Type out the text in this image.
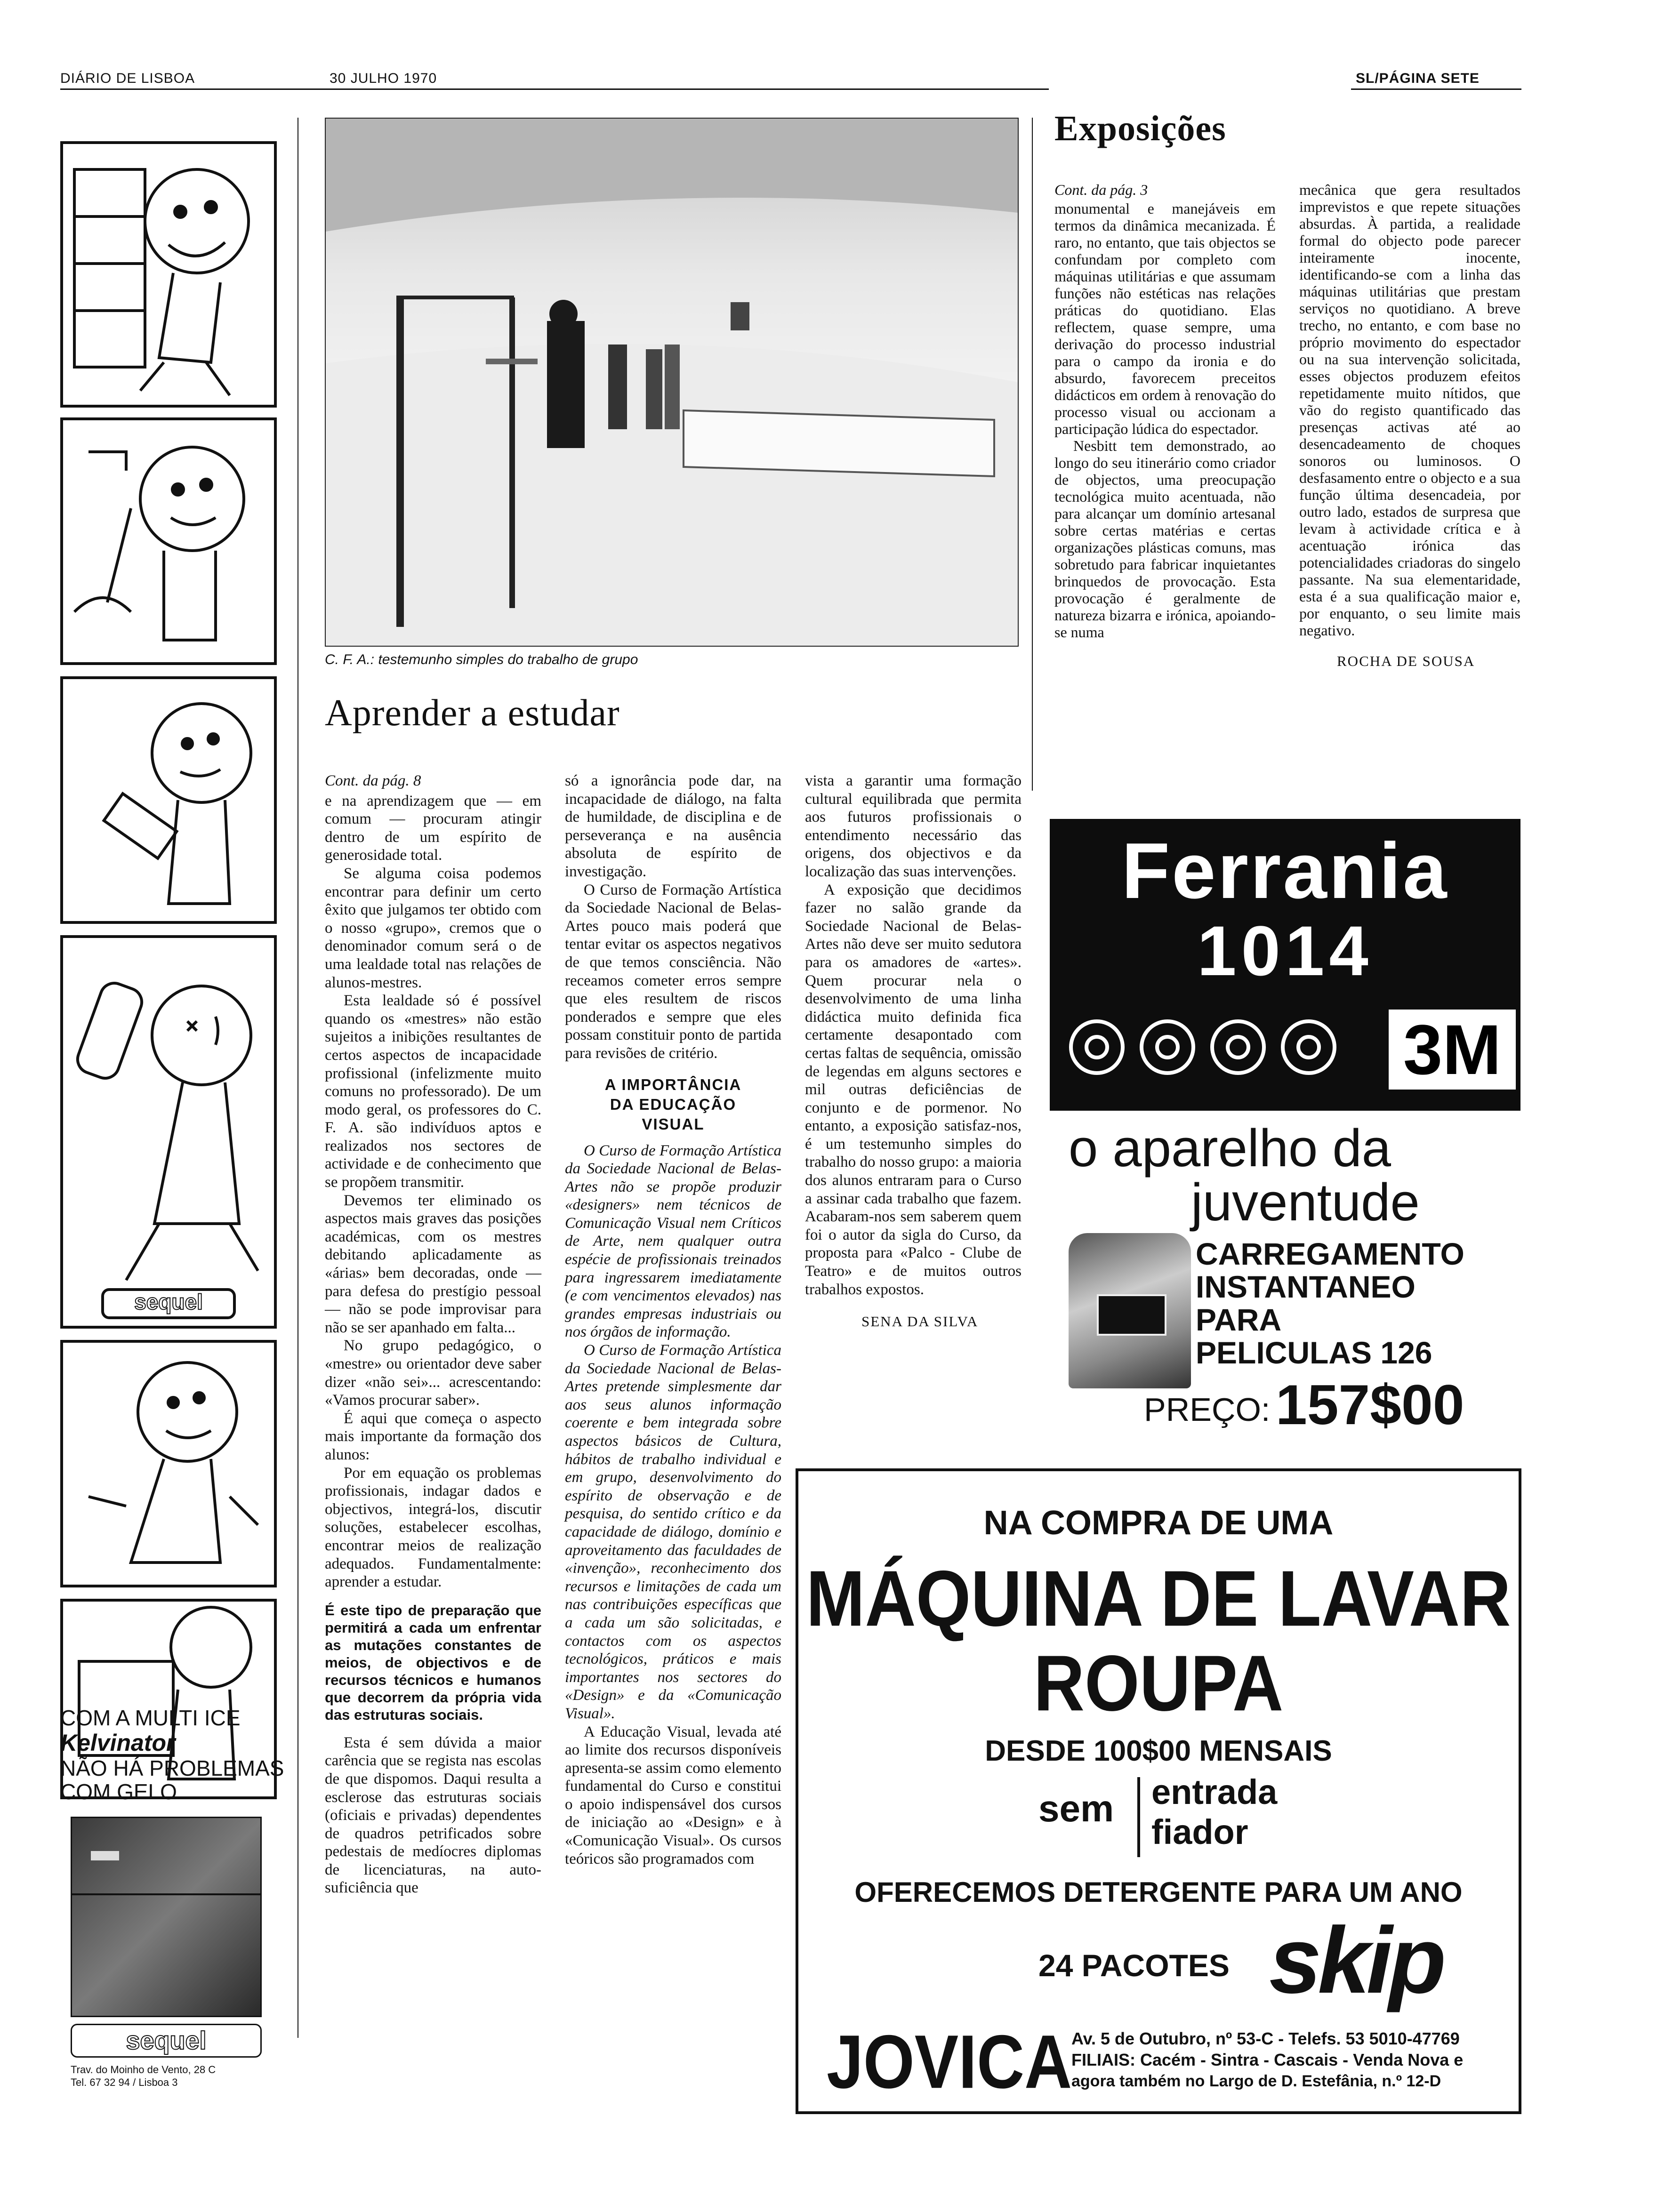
DIÁRIO DE LISBOA	30 JULHO 1970	SL/PÁGINA SETE
sequel
COM A MULTI ICE
Kelvinator
NÃO HÁ PROBLEMAS
COM GELO
sequel
Trav. do Moinho de Vento, 28 C
Tel. 67 32 94 / Lisboa 3
C. F. A.: testemunho simples do trabalho de grupo
Aprender a estudar

Cont. da pág. 8

e na aprendizagem que — em comum — procuram atingir dentro de um espírito de generosidade total.

Se alguma coisa podemos encontrar para definir um certo êxito que julgamos ter obtido com o nosso «grupo», cremos que o denominador comum será o de uma lealdade total nas relações de alunos-mestres.

Esta lealdade só é possível quando os «mestres» não estão sujeitos a inibições resultantes de certos aspectos de incapacidade profissional (infelizmente muito comuns no professorado). De um modo geral, os professores do C. F. A. são indivíduos aptos e realizados nos sectores de actividade e de conhecimento que se propõem transmitir.

Devemos ter eliminado os aspectos mais graves das posições académicas, com os mestres debitando aplicadamente as «árias» bem decoradas, onde — para defesa do prestígio pessoal — não se pode improvisar para não se ser apanhado em falta...

No grupo pedagógico, o «mestre» ou orientador deve saber dizer «não sei»... acrescentando: «Vamos procurar saber».

É aqui que começa o aspecto mais importante da formação dos alunos:

Por em equação os problemas profissionais, indagar dados e objectivos, integrá-los, discutir soluções, estabelecer escolhas, encontrar meios de realização adequados. Fundamentalmente: aprender a estudar.

É este tipo de preparação que permitirá a cada um enfrentar as mutações constantes de meios, de objectivos e de recursos técnicos e humanos que decorrem da própria vida das estruturas sociais.

Esta é sem dúvida a maior carência que se regista nas escolas de que dispomos. Daqui resulta a esclerose das estruturas sociais (oficiais e privadas) dependentes de quadros petrificados sobre pedestais de medíocres diplomas de licenciaturas, na auto-suficiência que

só a ignorância pode dar, na incapacidade de diálogo, na falta de humildade, de disciplina e de perseverança e na ausência absoluta de espírito de investigação.

O Curso de Formação Artística da Sociedade Nacional de Belas-Artes pouco mais poderá que tentar evitar os aspectos negativos de que temos consciência. Não receamos cometer erros sempre que eles resultem de riscos ponderados e sempre que eles possam constituir ponto de partida para revisões de critério.

A IMPORTÂNCIA
DA EDUCAÇÃO
VISUAL

O Curso de Formação Artística da Sociedade Nacional de Belas-Artes não se propõe produzir «designers» nem técnicos de Comunicação Visual nem Críticos de Arte, nem qualquer outra espécie de profissionais treinados para ingressarem imediatamente (e com vencimentos elevados) nas grandes empresas industriais ou nos órgãos de informação.

O Curso de Formação Artística da Sociedade Nacional de Belas-Artes pretende simplesmente dar aos seus alunos informação coerente e bem integrada sobre aspectos básicos de Cultura, hábitos de trabalho individual e em grupo, desenvolvimento do espírito de observação e de pesquisa, do sentido crítico e da capacidade de diálogo, domínio e aproveitamento das faculdades de «invenção», reconhecimento dos recursos e limitações de cada um nas contribuições específicas que a cada um são solicitadas, e contactos com os aspectos tecnológicos, práticos e mais importantes nos sectores do «Design» e da «Comunicação Visual».

A Educação Visual, levada até ao limite dos recursos disponíveis apresenta-se assim como elemento fundamental do Curso e constitui o apoio indispensável dos cursos de iniciação ao «Design» e à «Comunicação Visual». Os cursos teóricos são programados com

vista a garantir uma formação cultural equilibrada que permita aos futuros profissionais o entendimento necessário das origens, dos objectivos e da localização das suas intervenções.

A exposição que decidimos fazer no salão grande da Sociedade Nacional de Belas-Artes não deve ser muito sedutora para os amadores de «artes». Quem procurar nela o desenvolvimento de uma linha didáctica muito definida fica certamente desapontado com certas faltas de sequência, omissão de legendas em alguns sectores e mil outras deficiências de conjunto e de pormenor. No entanto, a exposição satisfaz-nos, é um testemunho simples do trabalho do nosso grupo: a maioria dos alunos entraram para o Curso a assinar cada trabalho que fazem. Acabaram-nos sem saberem quem foi o autor da sigla do Curso, da proposta para «Palco - Clube de Teatro» e de muitos outros trabalhos expostos.

SENA DA SILVA

Exposições

Cont. da pág. 3

monumental e manejáveis em termos da dinâmica mecanizada. É raro, no entanto, que tais objectos se confundam por completo com máquinas utilitárias e que assumam funções não estéticas nas relações práticas do quotidiano. Elas reflectem, quase sempre, uma derivação do processo industrial para o campo da ironia e do absurdo, favorecem preceitos didácticos em ordem à renovação do processo visual ou accionam a participação lúdica do espectador.

Nesbitt tem demonstrado, ao longo do seu itinerário como criador de objectos, uma preocupação tecnológica muito acentuada, não para alcançar um domínio artesanal sobre certas matérias e certas organizações plásticas comuns, mas sobretudo para fabricar inquietantes brinquedos de provocação. Esta provocação é geralmente de natureza bizarra e irónica, apoiando-se numa

mecânica que gera resultados imprevistos e que repete situações absurdas. À partida, a realidade formal do objecto pode parecer inteiramente inocente, identificando-se com a linha das máquinas utilitárias que prestam serviços no quotidiano. A breve trecho, no entanto, e com base no próprio movimento do espectador ou na sua intervenção solicitada, esses objectos produzem efeitos repetidamente muito nítidos, que vão do registo quantificado das presenças activas até ao desencadeamento de choques sonoros ou luminosos. O desfasamento entre o objecto e a sua função última desencadeia, por outro lado, estados de surpresa que levam à actividade crítica e à acentuação irónica das potencialidades criadoras do singelo passante. Na sua elementaridade, esta é a sua qualificação maior e, por enquanto, o seu limite mais negativo.

ROCHA DE SOUSA

Ferrania
1014
3M
o aparelho da
juventude
CARREGAMENTO
INSTANTANEO
PARA
PELICULAS 126
PREÇO: 157$00
NA COMPRA DE UMA
MÁQUINA DE LAVAR
ROUPA
DESDE 100$00 MENSAIS
sem entrada
fiador
OFERECEMOS DETERGENTE PARA UM ANO
24 PACOTES skip
JOVICA
Av. 5 de Outubro, nº 53-C - Telefs. 53 5010-47769
FILIAIS: Cacém - Sintra - Cascais - Venda Nova e
agora também no Largo de D. Estefânia, n.º 12-D
